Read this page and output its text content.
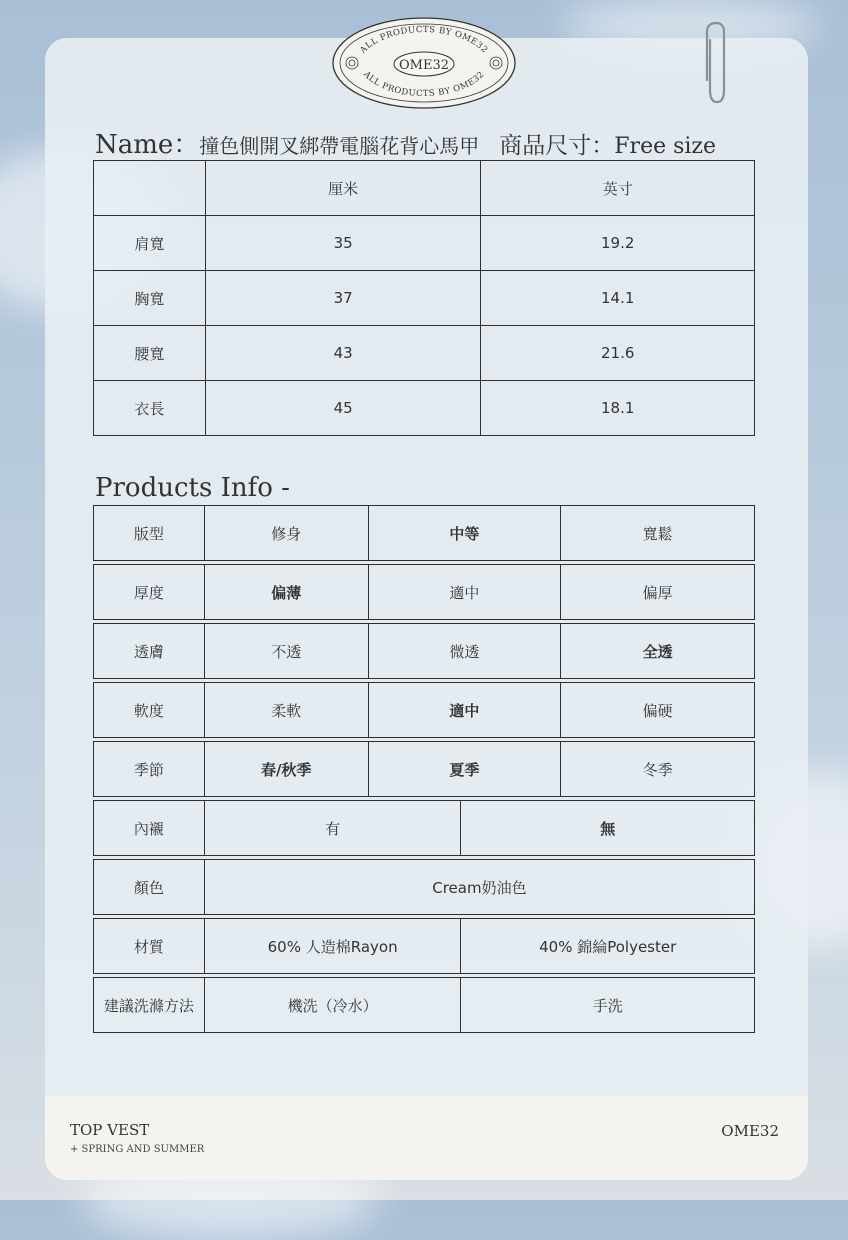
TOP VEST
+ SPRING AND SUMMER
OME32
ALL PRODUCTS BY OME32
ALL PRODUCTS BY OME32
OME32
Name：撞色側開叉綁帶電腦花背心馬甲 商品尺寸：Free size
	厘米	英寸
肩寬	35	19.2
胸寬	37	14.1
腰寬	43	21.6
衣長	45	18.1
Products Info -
版型	修身	中等	寬鬆
厚度	偏薄	適中	偏厚
透膚	不透	微透	全透
軟度	柔軟	適中	偏硬
季節	春/秋季	夏季	冬季
內襯	有	無
顏色	Cream奶油色
材質	60% 人造棉Rayon	40% 錦綸Polyester
建議洗滌方法	機洗（冷水）	手洗
